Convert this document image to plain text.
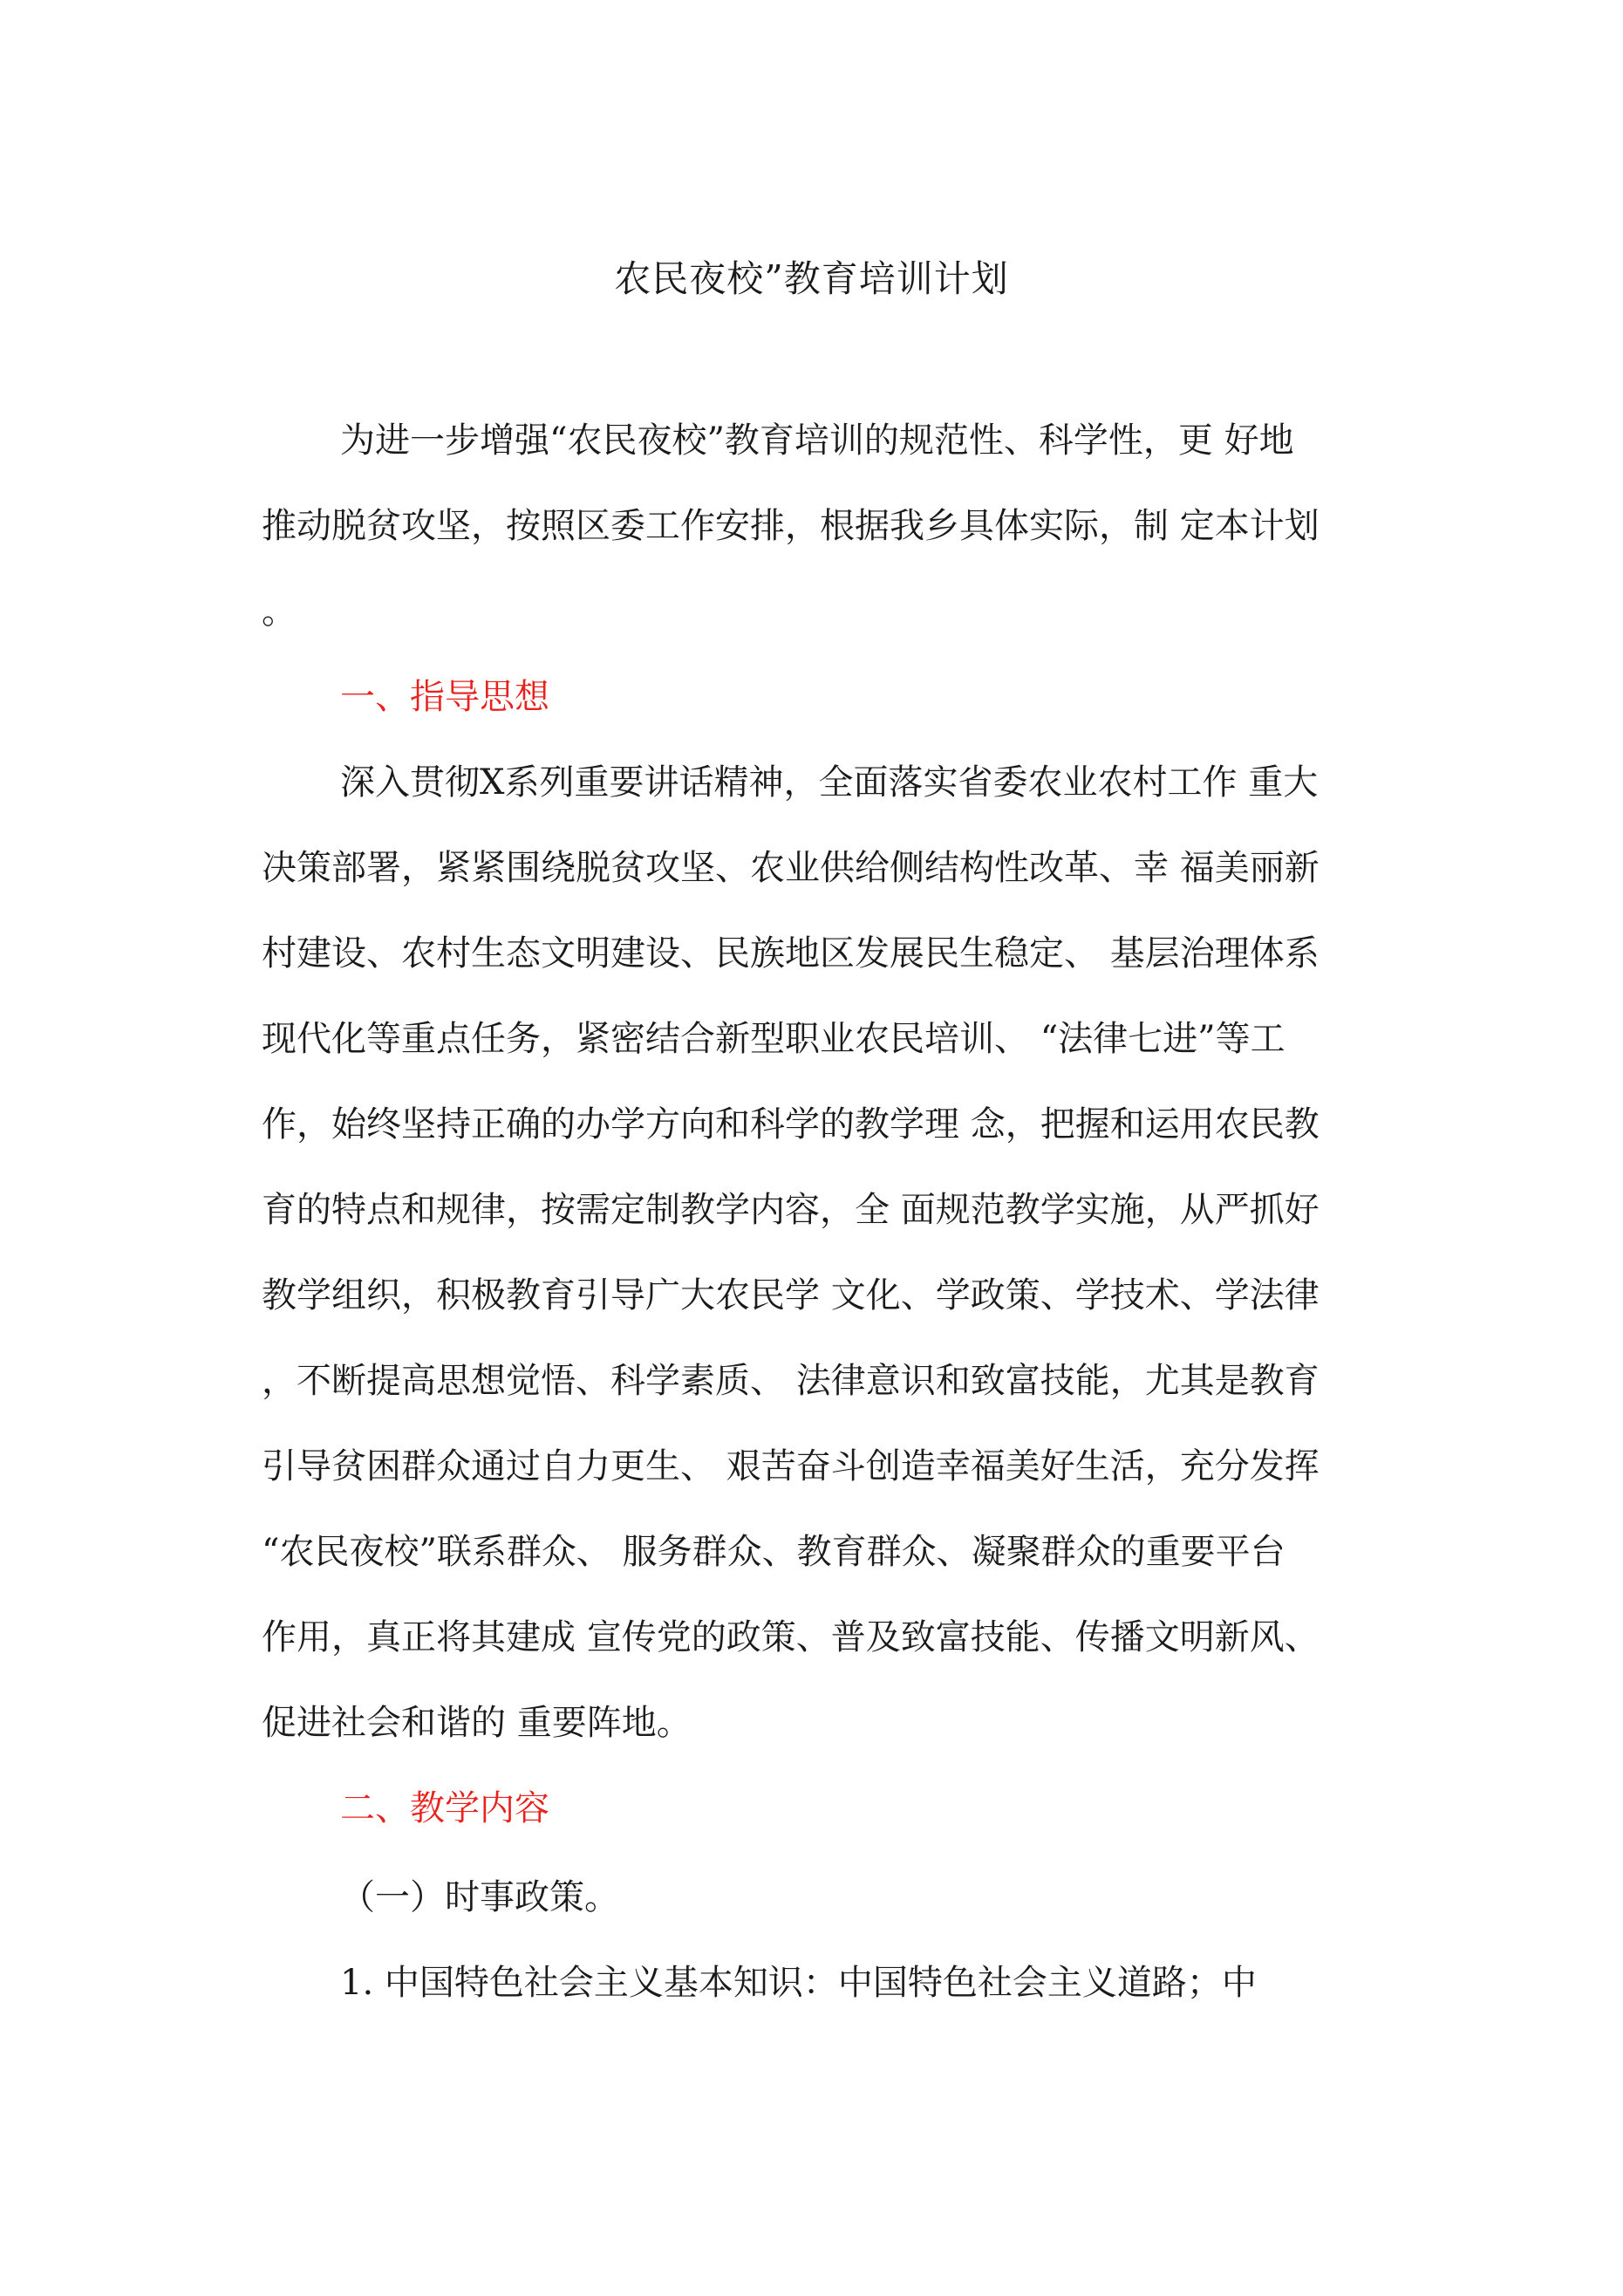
农民夜校”教育培训计划
为进一步增强“农民夜校”教育培训的规范性、科学性，更 好地
推动脱贫攻坚，按照区委工作安排，根据我乡具体实际，制 定本计划
。
一、指导思想
深入贯彻X系列重要讲话精神，全面落实省委农业农村工作 重大
决策部署，紧紧围绕脱贫攻坚、农业供给侧结构性改革、幸 福美丽新
村建设、农村生态文明建设、民族地区发展民生稳定、 基层治理体系
现代化等重点任务，紧密结合新型职业农民培训、 “法律七进”等工
作，始终坚持正确的办学方向和科学的教学理 念，把握和运用农民教
育的特点和规律，按需定制教学内容，全 面规范教学实施，从严抓好
教学组织，积极教育引导广大农民学 文化、学政策、学技术、学法律
，不断提高思想觉悟、科学素质、 法律意识和致富技能，尤其是教育
引导贫困群众通过自力更生、 艰苦奋斗创造幸福美好生活，充分发挥
“农民夜校”联系群众、 服务群众、教育群众、凝聚群众的重要平台
作用，真正将其建成 宣传党的政策、普及致富技能、传播文明新风、
促进社会和谐的 重要阵地。
二、教学内容
（一）时事政策。
1. 中国特色社会主义基本知识：中国特色社会主义道路；中
